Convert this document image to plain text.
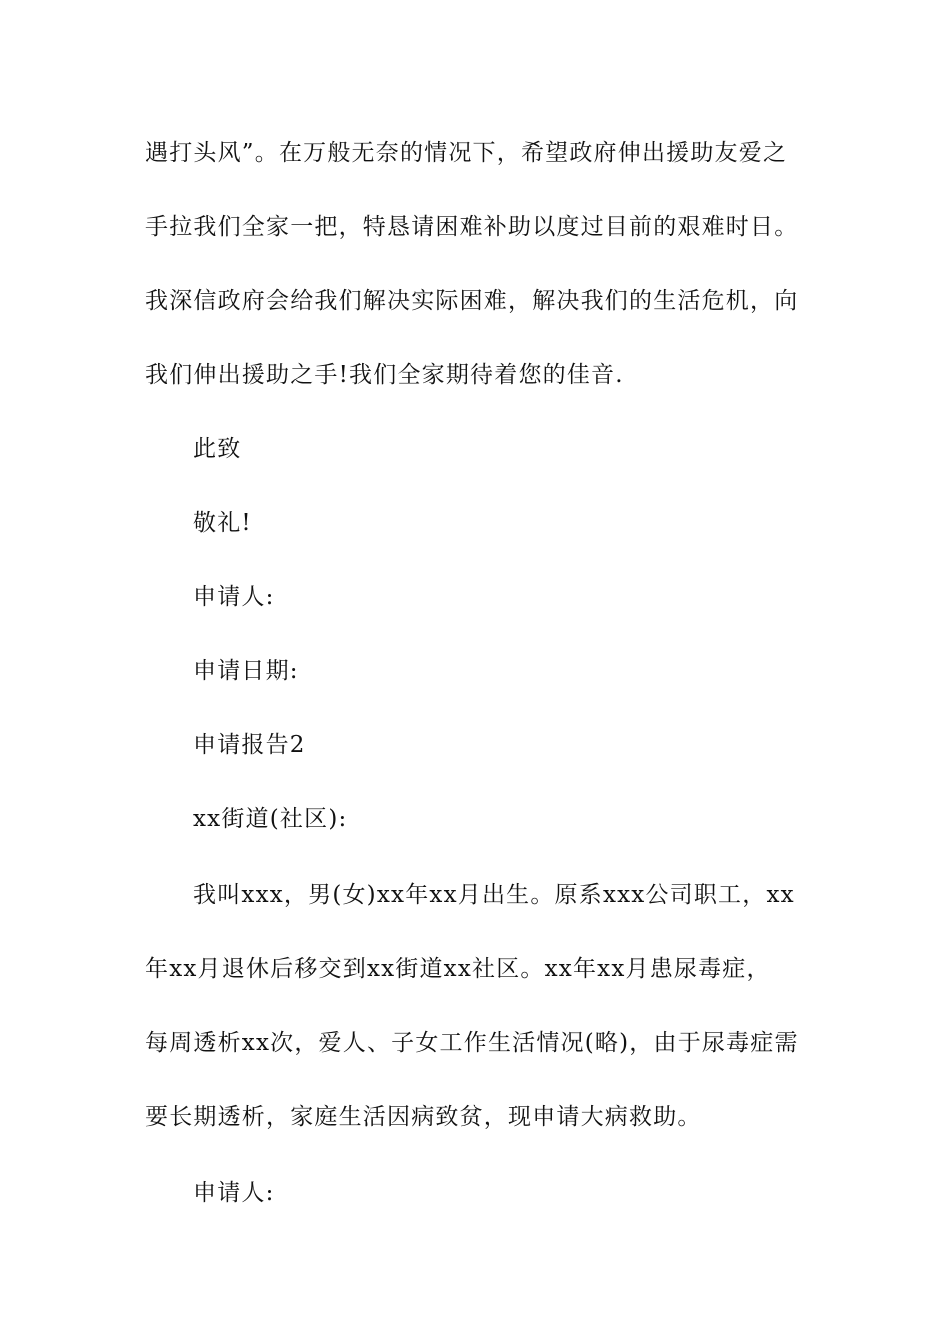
遇打头风”。在万般无奈的情况下，希望政府伸出援助友爱之
手拉我们全家一把，特恳请困难补助以度过目前的艰难时日。
我深信政府会给我们解决实际困难，解决我们的生活危机，向
我们伸出援助之手!我们全家期待着您的佳音.
此致
敬礼!
申请人:
申请日期:
申请报告2
xx街道(社区):
我叫xxx，男(女)xx年xx月出生。原系xxx公司职工，xx
年xx月退休后移交到xx街道xx社区。xx年xx月患尿毒症，
每周透析xx次，爱人、子女工作生活情况(略)，由于尿毒症需
要长期透析，家庭生活因病致贫，现申请大病救助。
申请人:
